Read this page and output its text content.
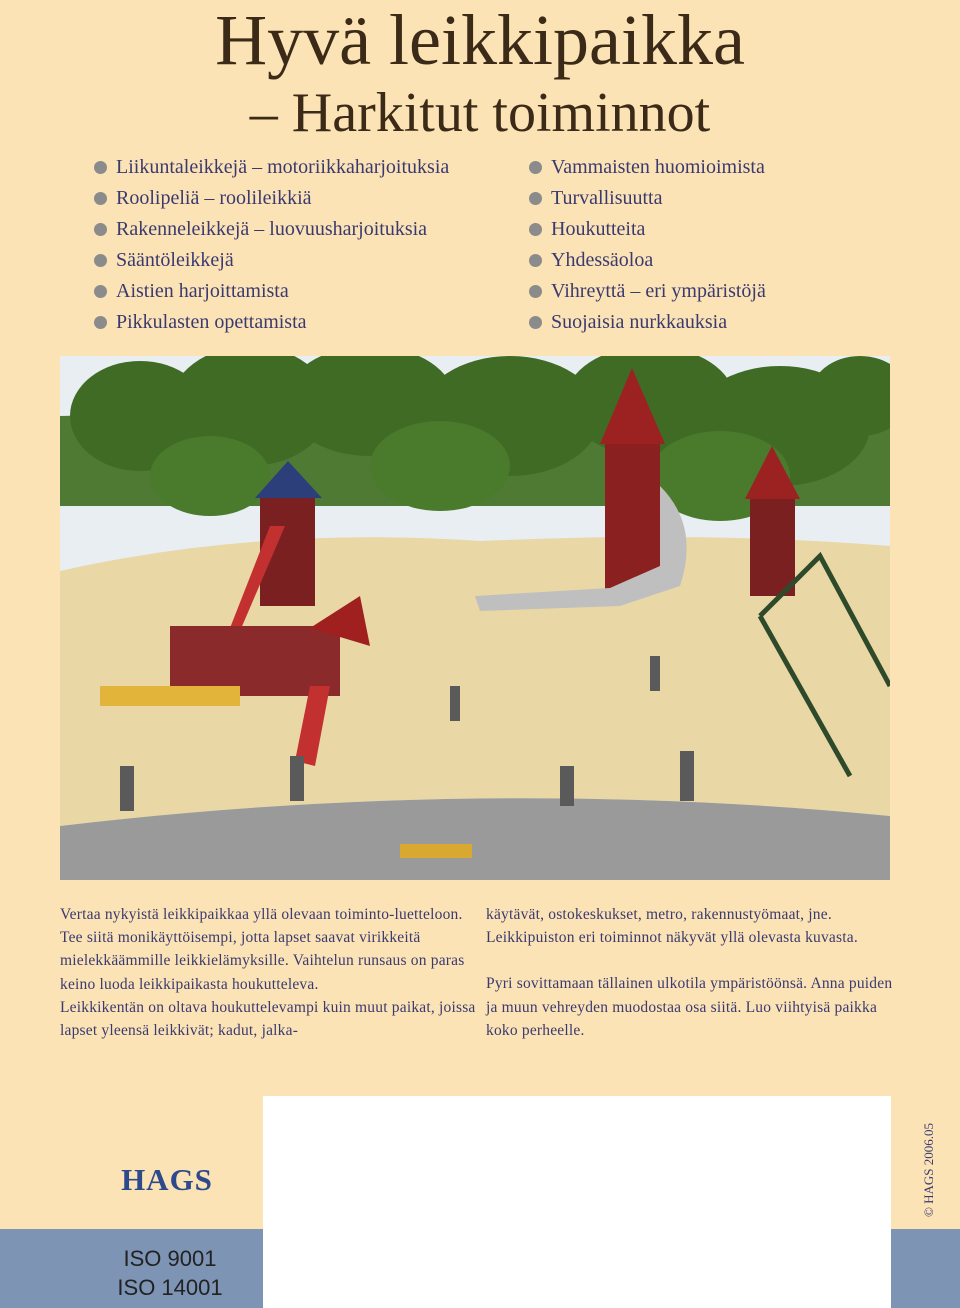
Hyvä leikkipaikka
– Harkitut toiminnot
Liikuntaleikkejä – motoriikkaharjoituksia
Roolipeliä – roolileikkiä
Rakenneleikkejä – luovuusharjoituksia
Sääntöleikkejä
Aistien harjoittamista
Pikkulasten opettamista
Vammaisten huomioimista
Turvallisuutta
Houkutteita
Yhdessäoloa
Vihreyttä – eri ympäristöjä
Suojaisia nurkkauksia

Vertaa nykyistä leikkipaikkaa yllä olevaan toiminto-luetteloon. Tee siitä monikäyttöisempi, jotta lapset saavat virikkeitä mielekkäämmille leikkielämyksille. Vaihtelun runsaus on paras keino luoda leikkipaikasta houkutteleva.

Leikkikentän on oltava houkuttelevampi kuin muut paikat, joissa lapset yleensä leikkivät; kadut, jalka-

käytävät, ostokeskukset, metro, rakennustyömaat, jne. Leikkipuiston eri toiminnot näkyvät yllä olevasta kuvasta.

Pyri sovittamaan tällainen ulkotila ympäristöönsä. Anna puiden ja muun vehreyden muodostaa osa siitä. Luo viihtyisä paikka koko perheelle.

HAGS
ISO 9001
ISO 14001
© HAGS 2006.05
